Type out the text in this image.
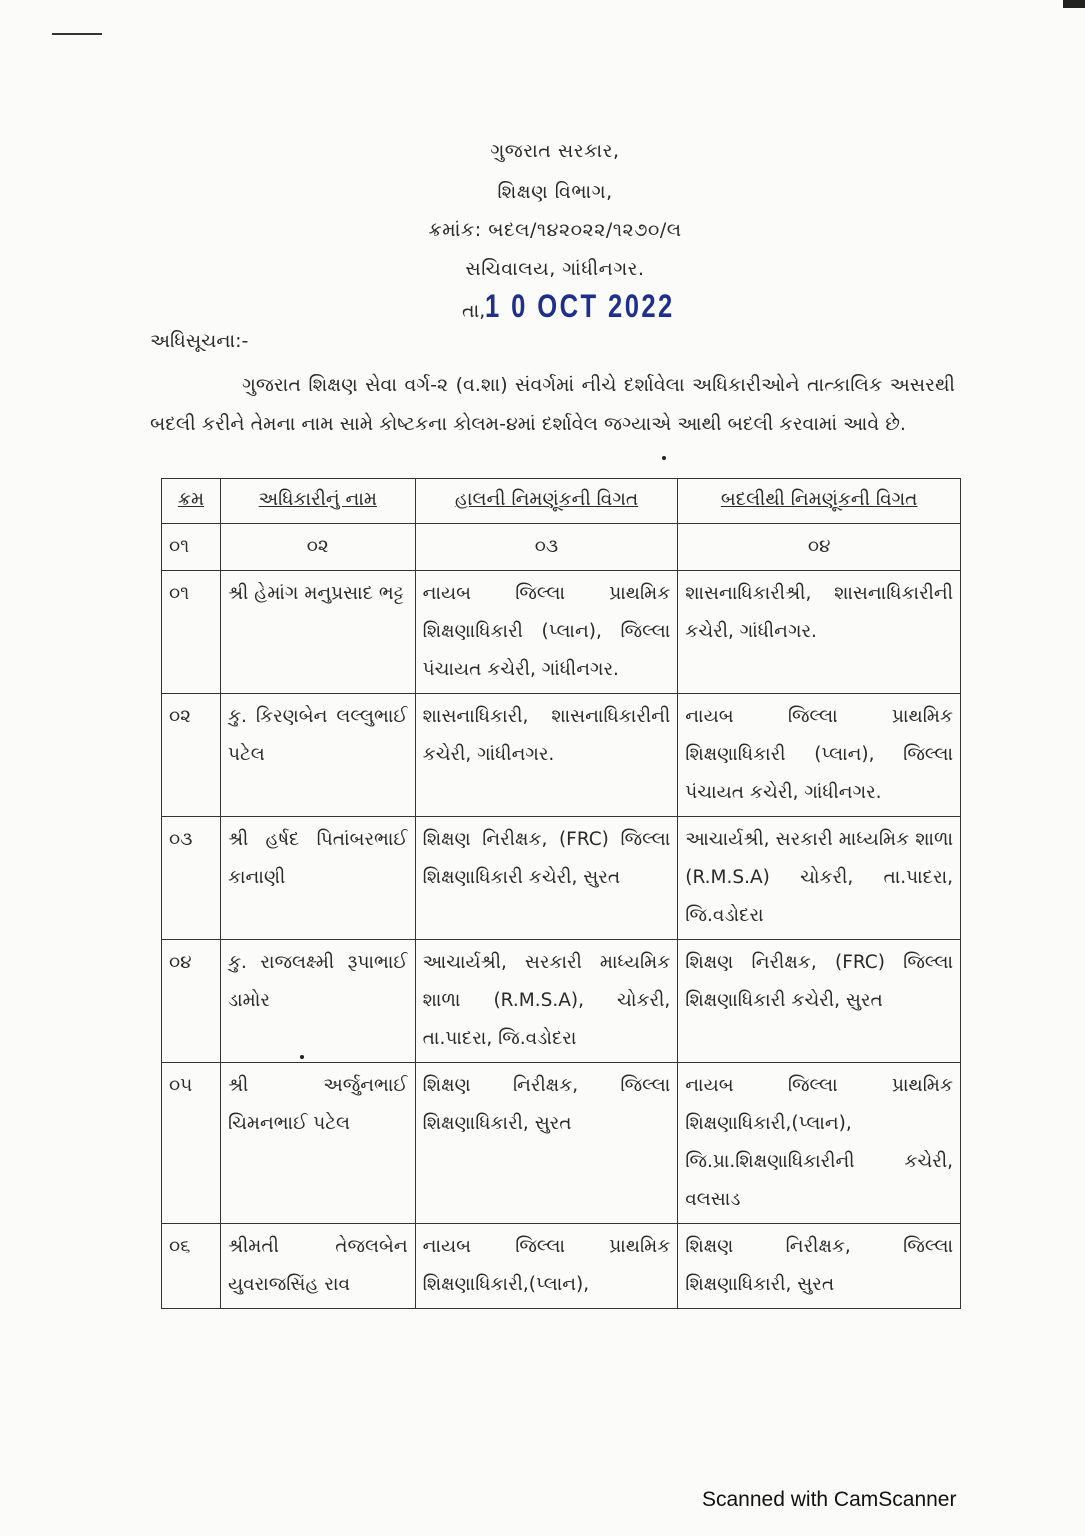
ગુજરાત સરકાર,
શિક્ષણ વિભાગ,
ક્રમાંક: બદલ/૧૪૨૦૨૨/૧૨૭૦/લ
સચિવાલય, ગાંધીનગર.
તા,1 0 OCT 2022
અધિસૂચના:-
ગુજરાત શિક્ષણ સેવા વર્ગ-૨ (વ.શા) સંવર્ગમાં નીચે દર્શાવેલા અધિકારીઓને તાત્કાલિક અસરથી બદલી કરીને તેમના નામ સામે કોષ્ટકના કોલમ-૪માં દર્શાવેલ જગ્યાએ આથી બદલી કરવામાં આવે છે.
ક્રમ	અધિકારીનું નામ	હાલની નિમણૂંકની વિગત	બદલીથી નિમણૂંકની વિગત
૦૧	૦૨	૦૩	૦૪
૦૧	શ્રી હેમાંગ મનુપ્રસાદ ભટ્ટ	નાયબ જિલ્લા પ્રાથમિક શિક્ષણાધિકારી (પ્લાન), જિલ્લા પંચાયત કચેરી, ગાંધીનગર.	શાસનાધિકારીશ્રી, શાસનાધિકારીની કચેરી, ગાંધીનગર.
૦૨	કુ. કિરણબેન લલ્લુભાઈ પટેલ	શાસનાધિકારી, શાસનાધિકારીની કચેરી, ગાંધીનગર.	નાયબ જિલ્લા પ્રાથમિક શિક્ષણાધિકારી (પ્લાન), જિલ્લા પંચાયત કચેરી, ગાંધીનગર.
૦૩	શ્રી હર્ષદ પિતાંબરભાઈ કાનાણી	શિક્ષણ નિરીક્ષક, (FRC) જિલ્લા શિક્ષણાધિકારી કચેરી, સુરત	આચાર્યશ્રી, સરકારી માધ્યમિક શાળા (R.M.S.A) ચોકરી, તા.પાદરા, જિ.વડોદરા
૦૪	કુ. રાજલક્ષ્મી રૂપાભાઈ ડામોર	આચાર્યશ્રી, સરકારી માધ્યમિક શાળા (R.M.S.A), ચોકરી, તા.પાદરા, જિ.વડોદરા	શિક્ષણ નિરીક્ષક, (FRC) જિલ્લા શિક્ષણાધિકારી કચેરી, સુરત
૦૫	શ્રી અર્જુનભાઈ ચિમનભાઈ પટેલ	શિક્ષણ નિરીક્ષક, જિલ્લા શિક્ષણાધિકારી, સુરત	નાયબ જિલ્લા પ્રાથમિક શિક્ષણાધિકારી,(પ્લાન), જિ.પ્રા.શિક્ષણાધિકારીની કચેરી, વલસાડ
૦૬	શ્રીમતી તેજલબેન યુવરાજસિંહ રાવ	નાયબ જિલ્લા પ્રાથમિક શિક્ષણાધિકારી,(પ્લાન),	શિક્ષણ નિરીક્ષક, જિલ્લા શિક્ષણાધિકારી, સુરત
Scanned with CamScanner
